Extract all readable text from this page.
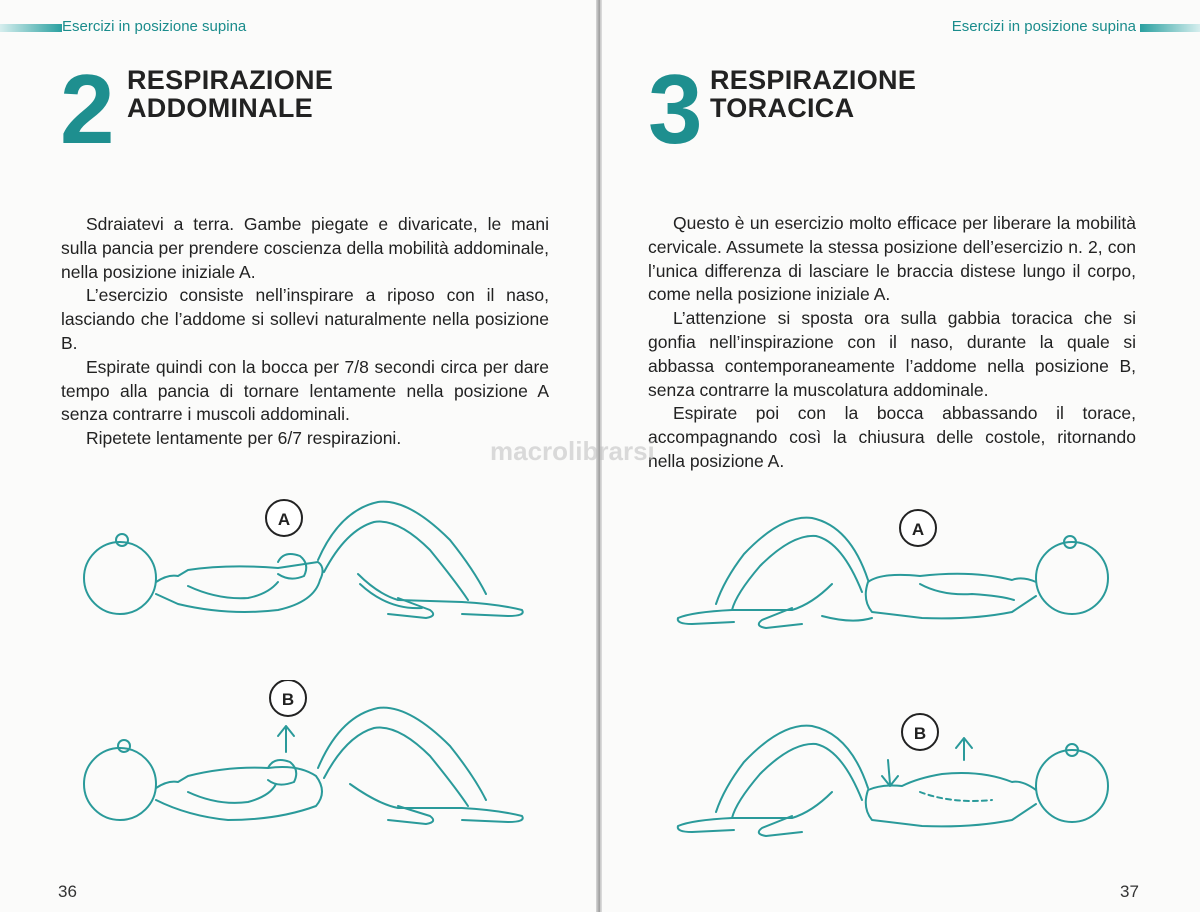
Esercizi in posizione supina
2 RESPIRAZIONE
ADDOMINALE

Sdraiatevi a terra. Gambe piegate e divaricate, le mani sulla pancia per prendere coscienza della mobilità addominale, nella posizione iniziale A.

L’esercizio consiste nell’inspirare a riposo con il naso, lasciando che l’addome si sollevi naturalmente nella posizione B.

Espirate quindi con la bocca per 7/8 secondi circa per dare tempo alla pancia di tornare lentamente nella posizione A senza contrarre i muscoli addominali.

Ripetete lentamente per 6/7 respirazioni.

A
B
36
Esercizi in posizione supina
3 RESPIRAZIONE
TORACICA

Questo è un esercizio molto efficace per liberare la mobilità cervicale. Assumete la stessa posizione dell’esercizio n. 2, con l’unica differenza di lasciare le braccia distese lungo il corpo, come nella posizione iniziale A.

L’attenzione si sposta ora sulla gabbia toracica che si gonfia nell’inspirazione con il naso, durante la quale si abbassa contemporaneamente l’addome nella posizione B, senza contrarre la muscolatura addominale.

Espirate poi con la bocca abbassando il torace, accompagnando così la chiusura delle costole, ritornando nella posizione A.

A
B
37
macrolibrarsi
